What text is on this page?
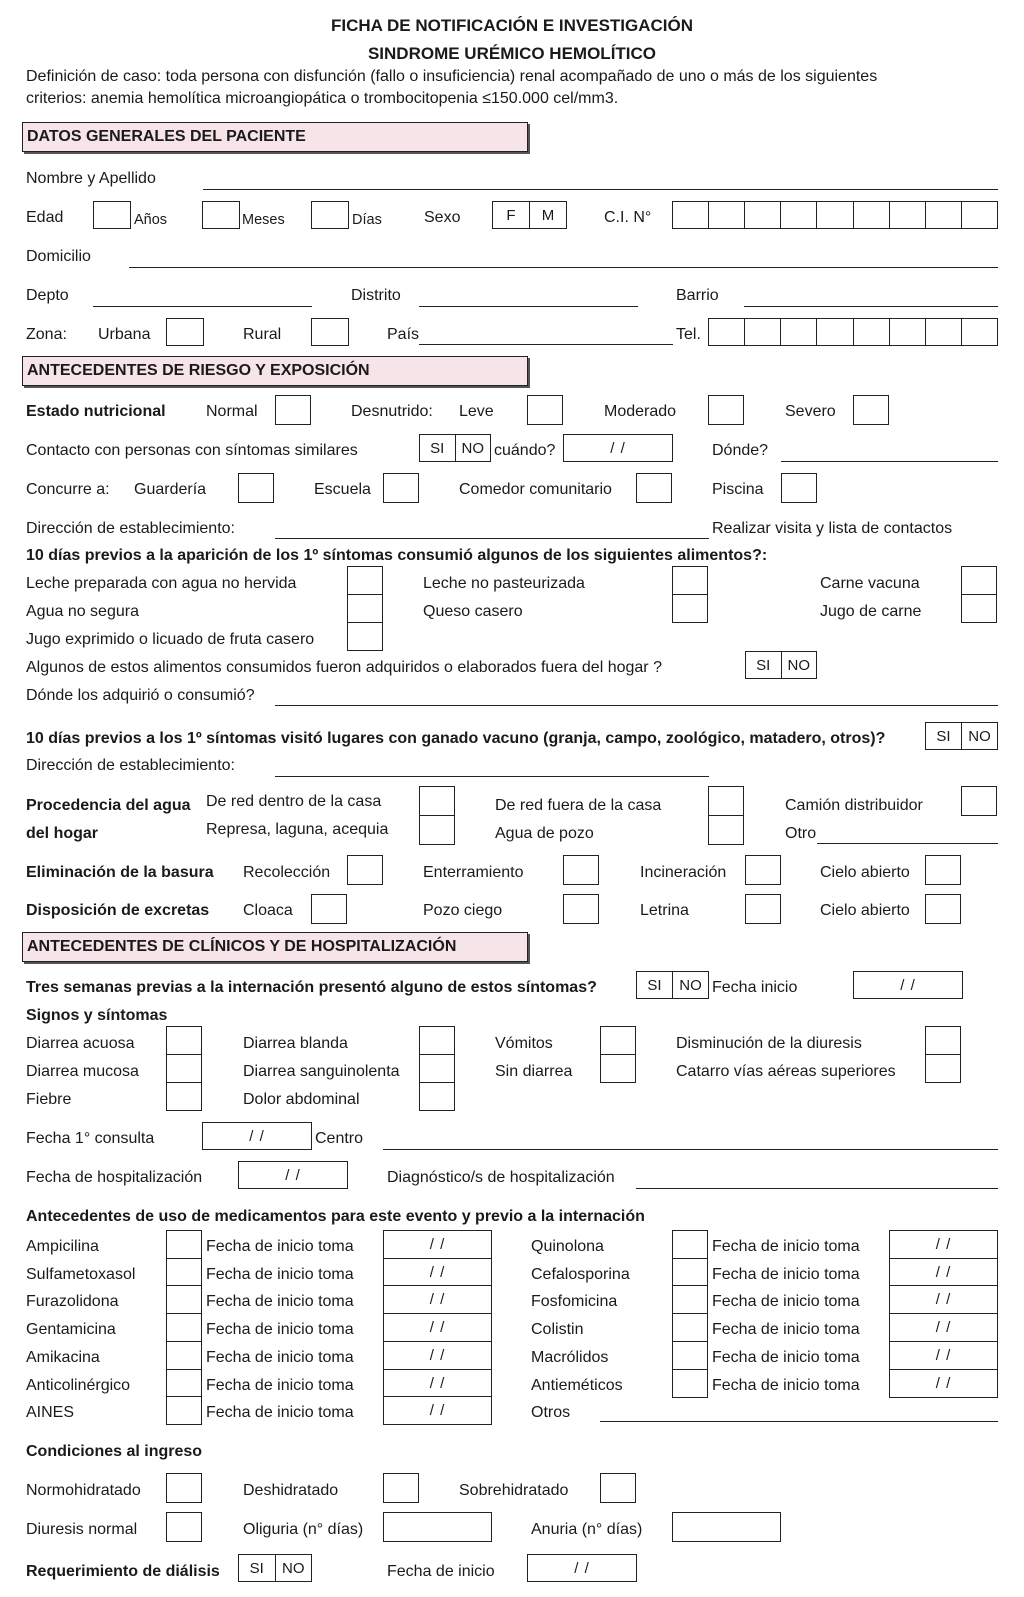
FICHA DE NOTIFICACIÓN E INVESTIGACIÓN
SINDROME URÉMICO HEMOLÍTICO
Definición de caso: toda persona con disfunción (fallo o insuficiencia) renal acompañado de uno o más de los siguientes
criterios: anemia hemolítica microangiopática o trombocitopenia ≤150.000 cel/mm3.
DATOS GENERALES DEL PACIENTE
Nombre y Apellido
Edad	Años	Meses	Días	Sexo	F	M	C.I. N°
Domicilio
Depto	Distrito	Barrio
Zona: Urbana	Rural	País	Tel.
ANTECEDENTES DE RIESGO Y EXPOSICIÓN
Estado nutricional	Normal	Desnutrido: Leve	Moderado	Severo
Contacto con personas con síntomas similares	SI	NO cuándo?	/ /	Dónde?
Concurre a: Guardería	Escuela	Comedor comunitario	Piscina
Dirección de establecimiento:	Realizar visita y lista de contactos
10 días previos a la aparición de los 1º síntomas consumió algunos de los siguientes alimentos?:
Leche preparada con agua no hervida	Leche no pasteurizada	Carne vacuna
Agua no segura	Queso casero	Jugo de carne
Jugo exprimido o licuado de fruta casero
Algunos de estos alimentos consumidos fueron adquiridos o elaborados fuera del hogar ?	SI	NO
Dónde los adquirió o consumió?
10 días previos a los 1º síntomas visitó lugares con ganado vacuno (granja, campo, zoológico, matadero, otros)?	SI	NO
Dirección de establecimiento:
Procedencia del agua
del hogar
De red dentro de la casa	De red fuera de la casa	Camión distribuidor
Represa, laguna, acequia	Agua de pozo	Otro
Eliminación de la basura Recolección	Enterramiento	Incineración	Cielo abierto
Disposición de excretas Cloaca	Pozo ciego	Letrina	Cielo abierto
ANTECEDENTES DE CLÍNICOS Y DE HOSPITALIZACIÓN
Tres semanas previas a la internación presentó alguno de estos síntomas?	SI	NO Fecha inicio	/ /
Signos y síntomas
Diarrea acuosa	Diarrea blanda	Vómitos	Disminución de la diuresis
Diarrea mucosa	Diarrea sanguinolenta	Sin diarrea	Catarro vías aéreas superiores
Fiebre	Dolor abdominal
Fecha 1° consulta	/ /	Centro
Fecha de hospitalización	/ /	Diagnóstico/s de hospitalización
Antecedentes de uso de medicamentos para este evento y previo a la internación
Ampicilina	Fecha de inicio toma	/ /	Quinolona	Fecha de inicio toma	/ /
Sulfametoxasol	Fecha de inicio toma	/ /	Cefalosporina	Fecha de inicio toma	/ /
Furazolidona	Fecha de inicio toma	/ /	Fosfomicina	Fecha de inicio toma	/ /
Gentamicina	Fecha de inicio toma	/ /	Colistin	Fecha de inicio toma	/ /
Amikacina	Fecha de inicio toma	/ /	Macrólidos	Fecha de inicio toma	/ /
Anticolinérgico	Fecha de inicio toma	/ /	Antieméticos	Fecha de inicio toma	/ /
AINES	Fecha de inicio toma	/ /	Otros
Condiciones al ingreso
Normohidratado	Deshidratado	Sobrehidratado
Diuresis normal	Oliguria (n° días)	Anuria (n° días)
Requerimiento de diálisis	SI	NO	Fecha de inicio	/ /
